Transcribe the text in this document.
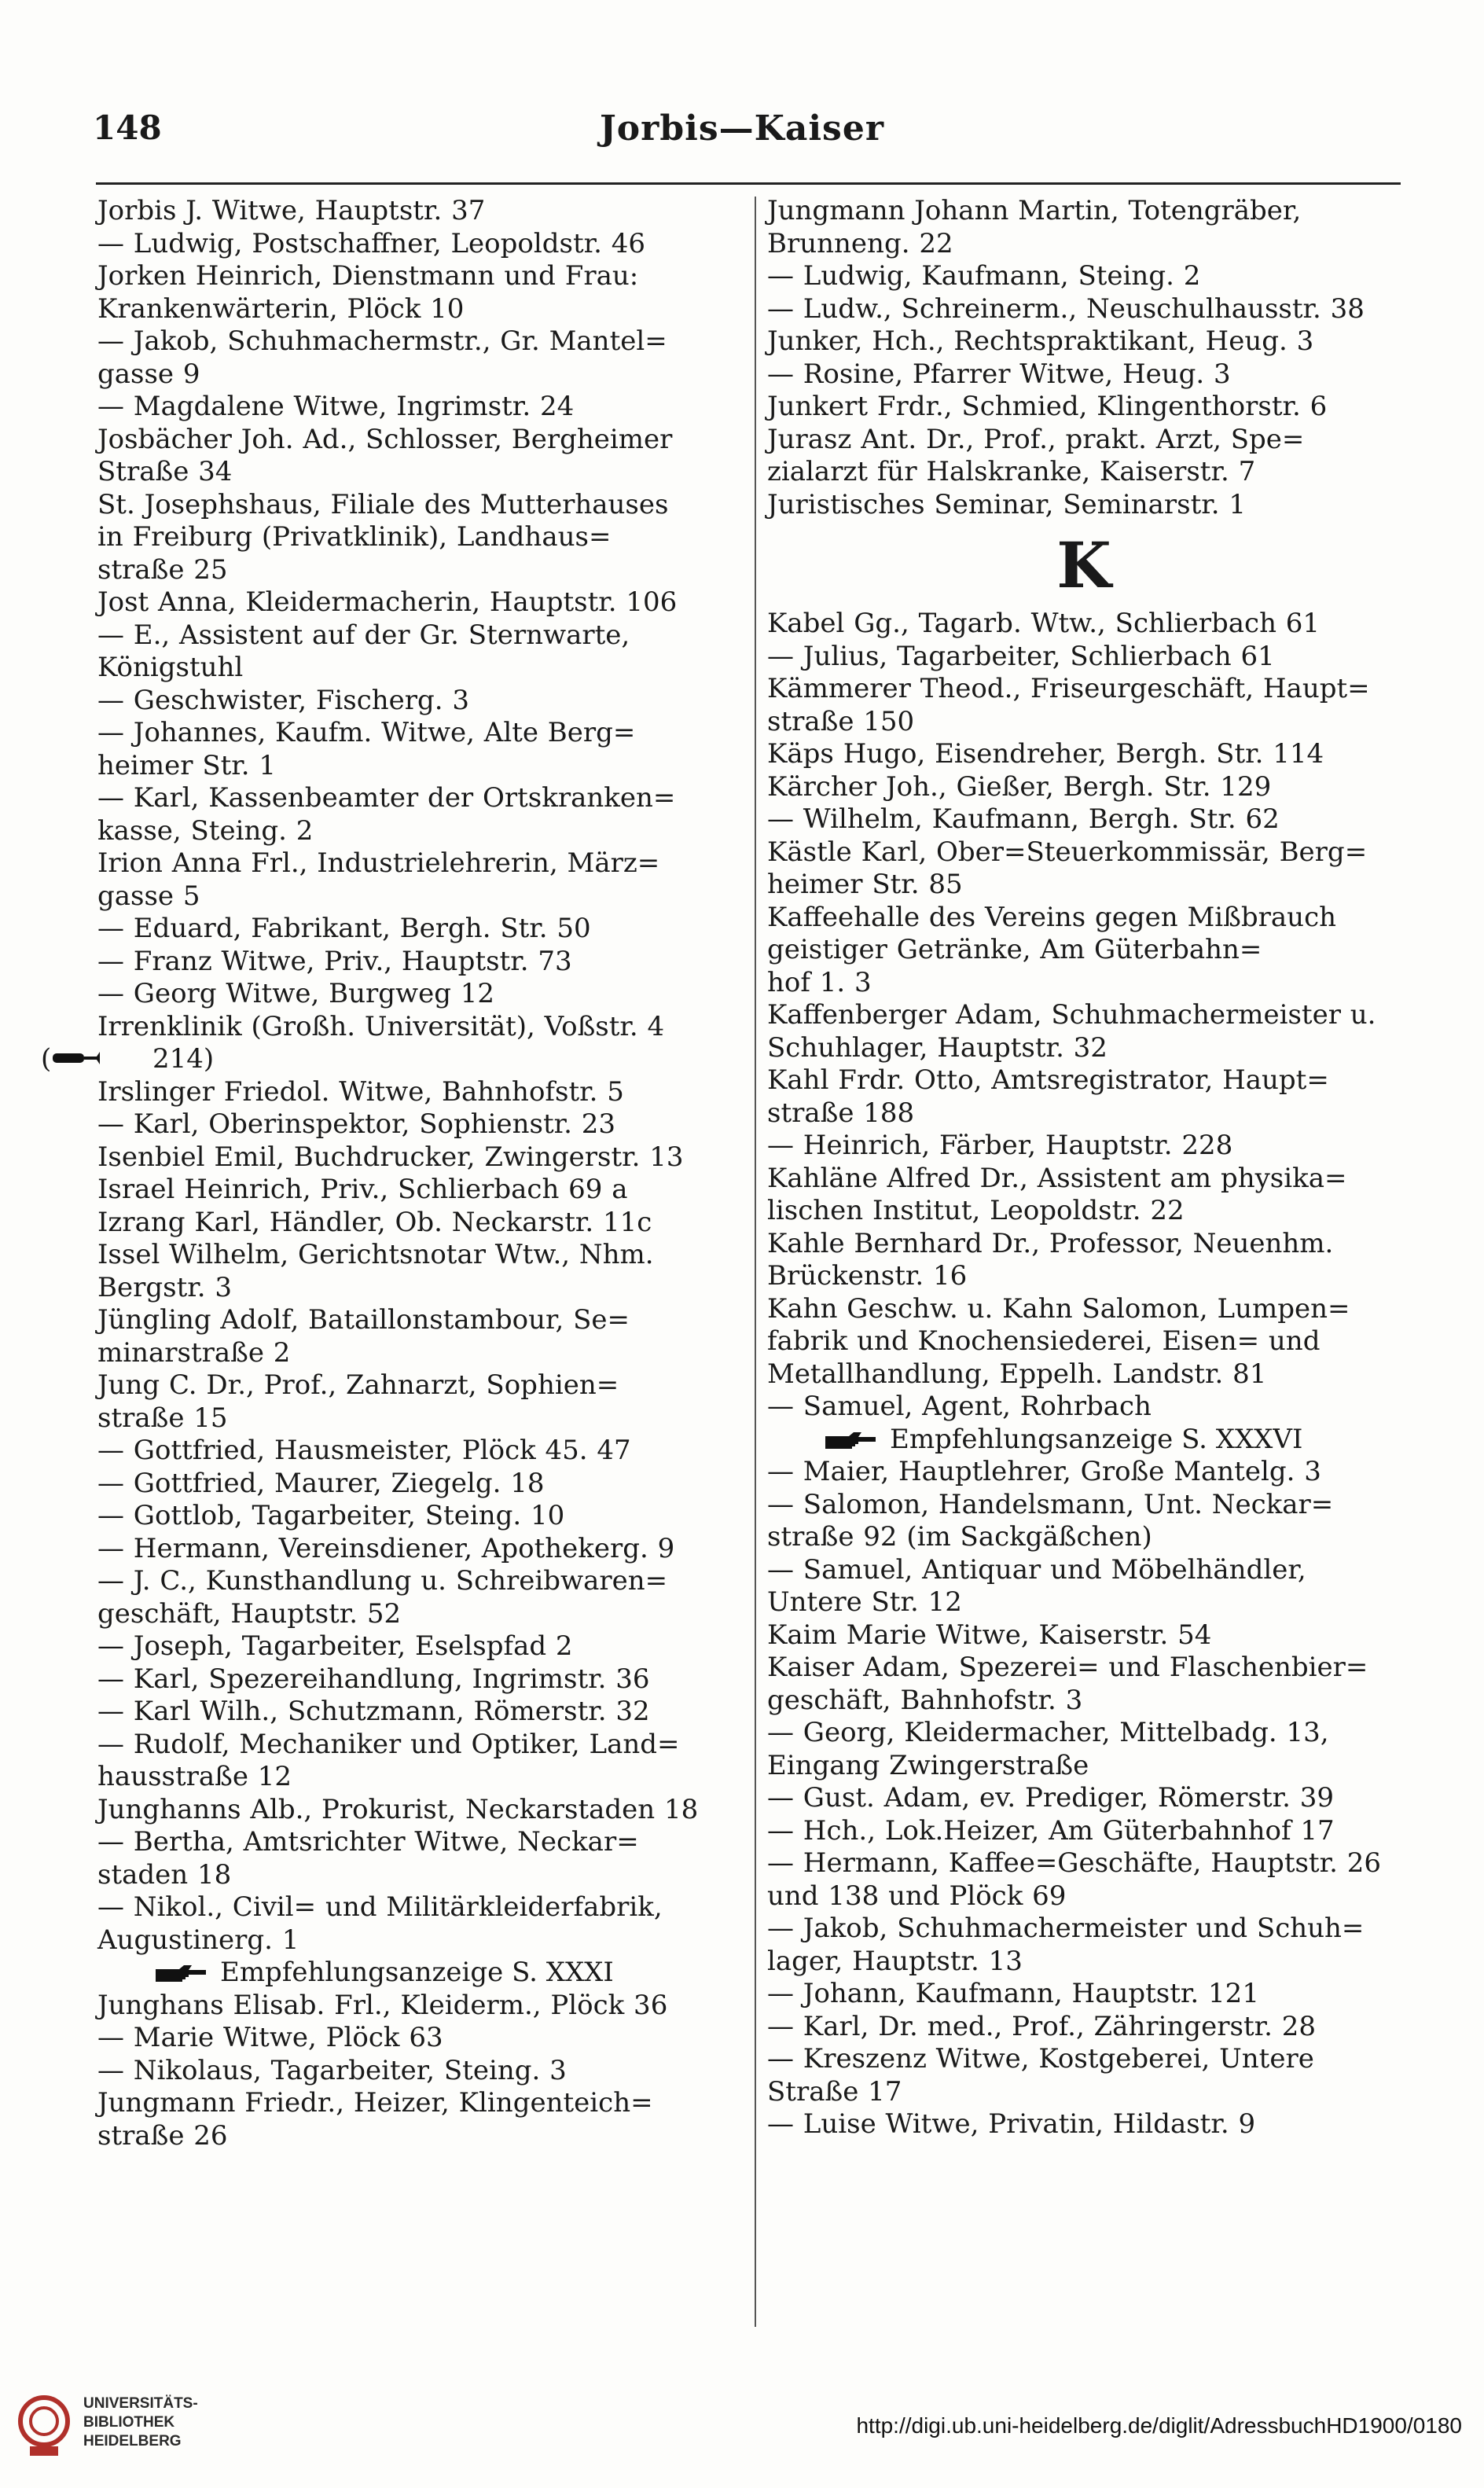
148	Jorbis—Kaiser
Jorbis J. Witwe, Hauptstr. 37
— Ludwig, Postschaffner, Leopoldstr. 46
Jorken Heinrich, Dienstmann und Frau:
Krankenwärterin, Plöck 10
— Jakob, Schuhmachermstr., Gr. Mantel=
gasse 9
— Magdalene Witwe, Ingrimstr. 24
Josbächer Joh. Ad., Schlosser, Bergheimer
Straße 34
St. Josephshaus, Filiale des Mutterhauses
in Freiburg (Privatklinik), Landhaus=
straße 25
Jost Anna, Kleidermacherin, Hauptstr. 106
— E., Assistent auf der Gr. Sternwarte,
Königstuhl
— Geschwister, Fischerg. 3
— Johannes, Kaufm. Witwe, Alte Berg=
heimer Str. 1
— Karl, Kassenbeamter der Ortskranken=
kasse, Steing. 2
Irion Anna Frl., Industrielehrerin, März=
gasse 5
— Eduard, Fabrikant, Bergh. Str. 50
— Franz Witwe, Priv., Hauptstr. 73
— Georg Witwe, Burgweg 12
Irrenklinik (Großh. Universität), Voßstr. 4
(	214)
Irslinger Friedol. Witwe, Bahnhofstr. 5
— Karl, Oberinspektor, Sophienstr. 23
Isenbiel Emil, Buchdrucker, Zwingerstr. 13
Israel Heinrich, Priv., Schlierbach 69 a
Izrang Karl, Händler, Ob. Neckarstr. 11c
Issel Wilhelm, Gerichtsnotar Wtw., Nhm.
Bergstr. 3
Jüngling Adolf, Bataillonstambour, Se=
minarstraße 2
Jung C. Dr., Prof., Zahnarzt, Sophien=
straße 15
— Gottfried, Hausmeister, Plöck 45. 47
— Gottfried, Maurer, Ziegelg. 18
— Gottlob, Tagarbeiter, Steing. 10
— Hermann, Vereinsdiener, Apothekerg. 9
— J. C., Kunsthandlung u. Schreibwaren=
geschäft, Hauptstr. 52
— Joseph, Tagarbeiter, Eselspfad 2
— Karl, Spezereihandlung, Ingrimstr. 36
— Karl Wilh., Schutzmann, Römerstr. 32
— Rudolf, Mechaniker und Optiker, Land=
hausstraße 12
Junghanns Alb., Prokurist, Neckarstaden 18
— Bertha, Amtsrichter Witwe, Neckar=
staden 18
— Nikol., Civil= und Militärkleiderfabrik,
Augustinerg. 1
Empfehlungsanzeige S. XXXI
Junghans Elisab. Frl., Kleiderm., Plöck 36
— Marie Witwe, Plöck 63
— Nikolaus, Tagarbeiter, Steing. 3
Jungmann Friedr., Heizer, Klingenteich=
straße 26
Jungmann Johann Martin, Totengräber,
Brunneng. 22
— Ludwig, Kaufmann, Steing. 2
— Ludw., Schreinerm., Neuschulhausstr. 38
Junker, Hch., Rechtspraktikant, Heug. 3
— Rosine, Pfarrer Witwe, Heug. 3
Junkert Frdr., Schmied, Klingenthorstr. 6
Jurasz Ant. Dr., Prof., prakt. Arzt, Spe=
zialarzt für Halskranke, Kaiserstr. 7
Juristisches Seminar, Seminarstr. 1
K
Kabel Gg., Tagarb. Wtw., Schlierbach 61
— Julius, Tagarbeiter, Schlierbach 61
Kämmerer Theod., Friseurgeschäft, Haupt=
straße 150
Käps Hugo, Eisendreher, Bergh. Str. 114
Kärcher Joh., Gießer, Bergh. Str. 129
— Wilhelm, Kaufmann, Bergh. Str. 62
Kästle Karl, Ober=Steuerkommissär, Berg=
heimer Str. 85
Kaffeehalle des Vereins gegen Mißbrauch
geistiger Getränke, Am Güterbahn=
hof 1. 3
Kaffenberger Adam, Schuhmachermeister u.
Schuhlager, Hauptstr. 32
Kahl Frdr. Otto, Amtsregistrator, Haupt=
straße 188
— Heinrich, Färber, Hauptstr. 228
Kahläne Alfred Dr., Assistent am physika=
lischen Institut, Leopoldstr. 22
Kahle Bernhard Dr., Professor, Neuenhm.
Brückenstr. 16
Kahn Geschw. u. Kahn Salomon, Lumpen=
fabrik und Knochensiederei, Eisen= und
Metallhandlung, Eppelh. Landstr. 81
— Samuel, Agent, Rohrbach
Empfehlungsanzeige S. XXXVI
— Maier, Hauptlehrer, Große Mantelg. 3
— Salomon, Handelsmann, Unt. Neckar=
straße 92 (im Sackgäßchen)
— Samuel, Antiquar und Möbelhändler,
Untere Str. 12
Kaim Marie Witwe, Kaiserstr. 54
Kaiser Adam, Spezerei= und Flaschenbier=
geschäft, Bahnhofstr. 3
— Georg, Kleidermacher, Mittelbadg. 13,
Eingang Zwingerstraße
— Gust. Adam, ev. Prediger, Römerstr. 39
— Hch., Lok.Heizer, Am Güterbahnhof 17
— Hermann, Kaffee=Geschäfte, Hauptstr. 26
und 138 und Plöck 69
— Jakob, Schuhmachermeister und Schuh=
lager, Hauptstr. 13
— Johann, Kaufmann, Hauptstr. 121
— Karl, Dr. med., Prof., Zähringerstr. 28
— Kreszenz Witwe, Kostgeberei, Untere
Straße 17
— Luise Witwe, Privatin, Hildastr. 9
UNIVERSITÄTS-
BIBLIOTHEK
HEIDELBERG
http://digi.ub.uni-heidelberg.de/diglit/AdressbuchHD1900/0180
